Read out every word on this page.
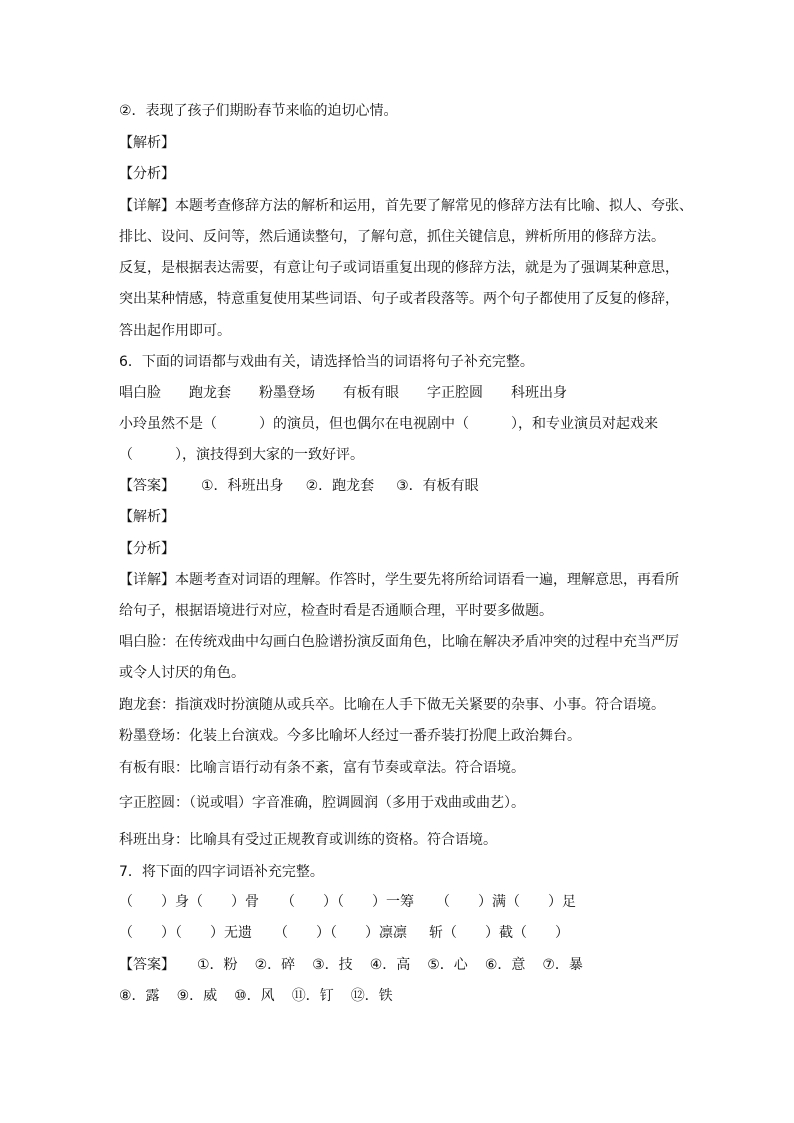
②．表现了孩子们期盼春节来临的迫切心情。
【解析】
【分析】
【详解】本题考查修辞方法的解析和运用，首先要了解常见的修辞方法有比喻、拟人、夸张、
排比、设问、反问等，然后通读整句，了解句意，抓住关键信息，辨析所用的修辞方法。
反复，是根据表达需要，有意让句子或词语重复出现的修辞方法，就是为了强调某种意思，
突出某种情感，特意重复使用某些词语、句子或者段落等。两个句子都使用了反复的修辞，
答出起作用即可。
6．下面的词语都与戏曲有关，请选择恰当的词语将句子补充完整。
唱白脸 跑龙套 粉墨登场 有板有眼 字正腔圆 科班出身
小玲虽然不是（　　　）的演员，但也偶尔在电视剧中（　　　），和专业演员对起戏来
（　　　），演技得到大家的一致好评。
【答案】 ①．科班出身 ②．跑龙套 ③．有板有眼
【解析】
【分析】
【详解】本题考查对词语的理解。作答时，学生要先将所给词语看一遍，理解意思，再看所
给句子，根据语境进行对应，检查时看是否通顺合理，平时要多做题。
唱白脸：在传统戏曲中勾画白色脸谱扮演反面角色，比喻在解决矛盾冲突的过程中充当严厉
或令人讨厌的角色。
跑龙套：指演戏时扮演随从或兵卒。比喻在人手下做无关紧要的杂事、小事。符合语境。
粉墨登场：化装上台演戏。今多比喻坏人经过一番乔装打扮爬上政治舞台。
有板有眼：比喻言语行动有条不紊，富有节奏或章法。符合语境。
字正腔圆：（说或唱）字音准确，腔调圆润（多用于戏曲或曲艺）。
科班出身：比喻具有受过正规教育或训练的资格。符合语境。
7．将下面的四字词语补充完整。
（　　）身（　　）骨 （　　）（　　）一筹 （　　）满（　　）足
（　　）（　　）无遗 （　　）（　　）凛凛 斩（　　）截（　　）
【答案】 ①．粉 ②．碎 ③．技 ④．高 ⑤．心 ⑥．意 ⑦．暴
⑧．露 ⑨．威 ⑩．风 ⑪．钉 ⑫．铁
